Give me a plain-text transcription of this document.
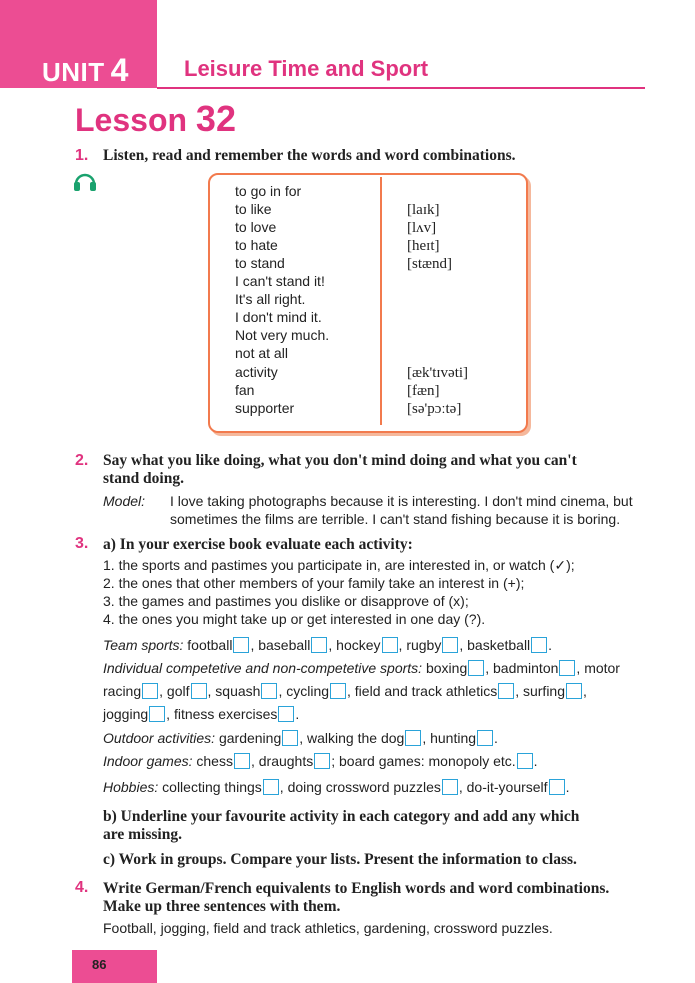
UNIT 4	Leisure Time and Sport
Lesson 32
1. Listen, read and remember the words and word combinations.
to go in for
to like
to love
to hate
to stand
I can't stand it!
It's all right.
I don't mind it.
Not very much.
not at all
activity
fan
supporter
[laɪk]
[lʌv]
[heɪt]
[stænd]
[æk'tɪvəti]
[fæn]
[sə'pɔːtə]
2. Say what you like doing, what you don't mind doing and what you can't
stand doing.
Model: I love taking photographs because it is interesting. I don't mind cinema, but
sometimes the films are terrible. I can't stand fishing because it is boring.
3. a) In your exercise book evaluate each activity:
1. the sports and pastimes you participate in, are interested in, or watch (✓);
2. the ones that other members of your family take an interest in (+);
3. the games and pastimes you dislike or disapprove of (x);
4. the ones you might take up or get interested in one day (?).
Team sports: football , baseball , hockey , rugby , basketball .
Individual competetive and non-competetive sports: boxing , badminton , motor
racing , golf , squash , cycling , field and track athletics , surfing ,
jogging , fitness exercises .
Outdoor activities: gardening , walking the dog , hunting .
Indoor games: chess , draughts ; board games: monopoly etc. .
Hobbies: collecting things , doing crossword puzzles , do-it-yourself .
b) Underline your favourite activity in each category and add any which
are missing.
c) Work in groups. Compare your lists. Present the information to class.
4. Write German/French equivalents to English words and word combinations.
Make up three sentences with them.
Football, jogging, field and track athletics, gardening, crossword puzzles.
86
